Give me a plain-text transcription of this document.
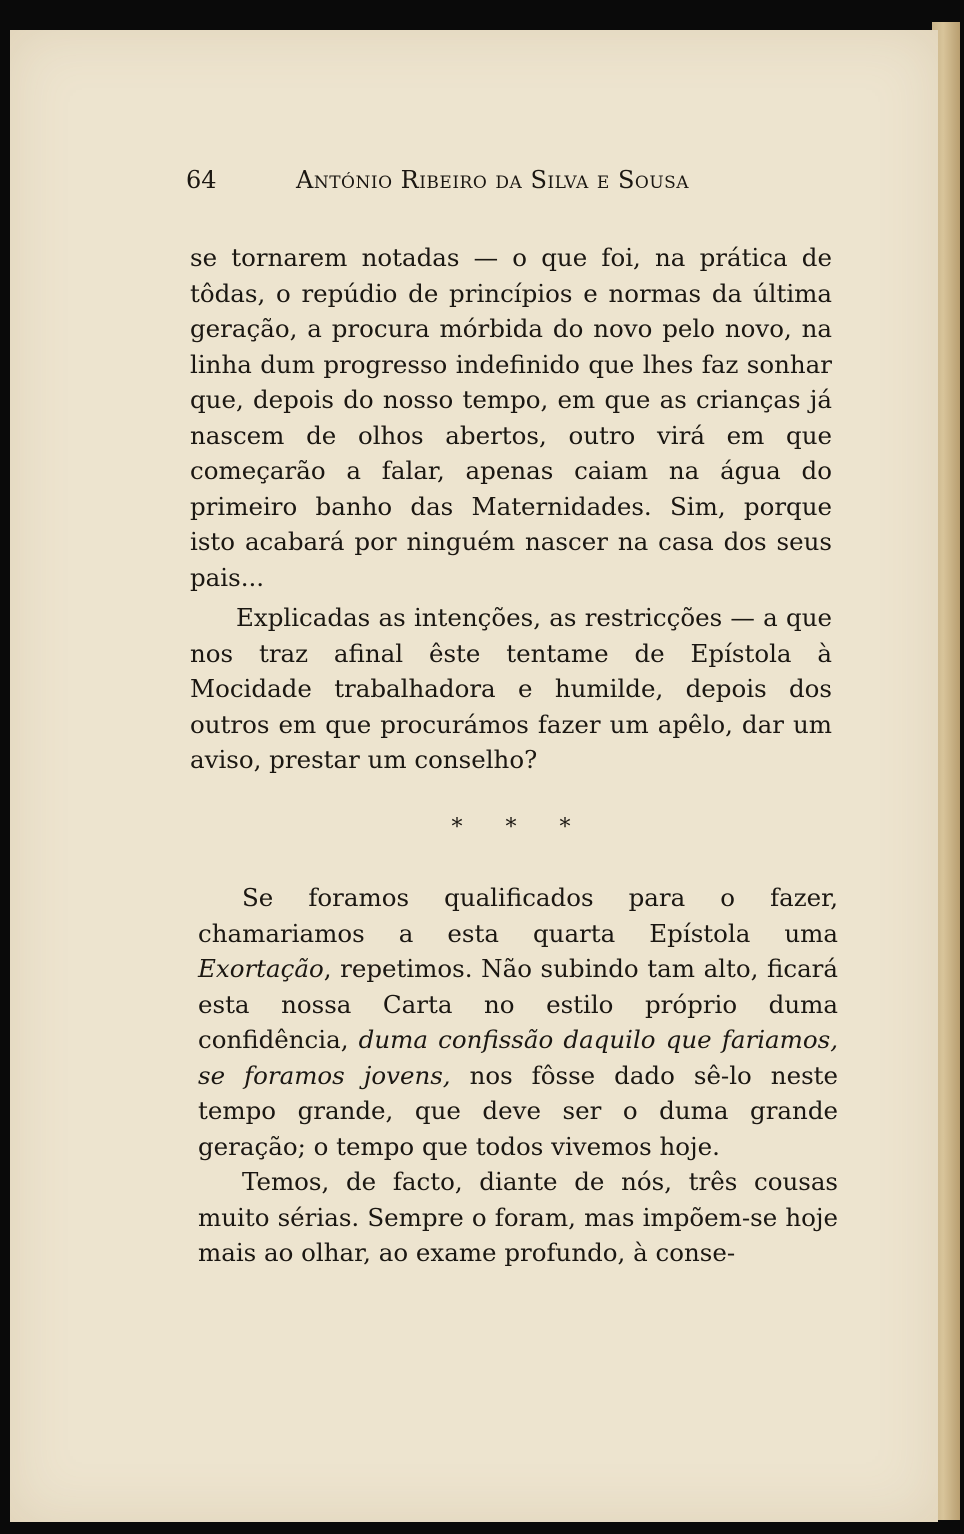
64	António Ribeiro da Silva e Sousa

se tornarem notadas — o que foi, na prática de tôdas, o repúdio de princípios e normas da última geração, a procura mórbida do novo pelo novo, na linha dum progresso indefinido que lhes faz sonhar que, depois do nosso tempo, em que as crianças já nascem de olhos abertos, outro virá em que começarão a falar, apenas caiam na água do primeiro banho das Maternidades. Sim, porque isto acabará por ninguém nascer na casa dos seus pais...

Explicadas as intenções, as restricções — a que nos traz afinal êste tentame de Epístola à Mocidade trabalhadora e humilde, depois dos outros em que procurámos fazer um apêlo, dar um aviso, prestar um conselho?

* * *

Se foramos qualificados para o fazer, chamariamos a esta quarta Epístola uma Exortação, repetimos. Não subindo tam alto, ficará esta nossa Carta no estilo próprio duma confidência, duma confissão daquilo que fariamos, se foramos jovens, nos fôsse dado sê-lo neste tempo grande, que deve ser o duma grande geração; o tempo que todos vivemos hoje.

Temos, de facto, diante de nós, três cousas muito sérias. Sempre o foram, mas impõem-se hoje mais ao olhar, ao exame profundo, à conse-
